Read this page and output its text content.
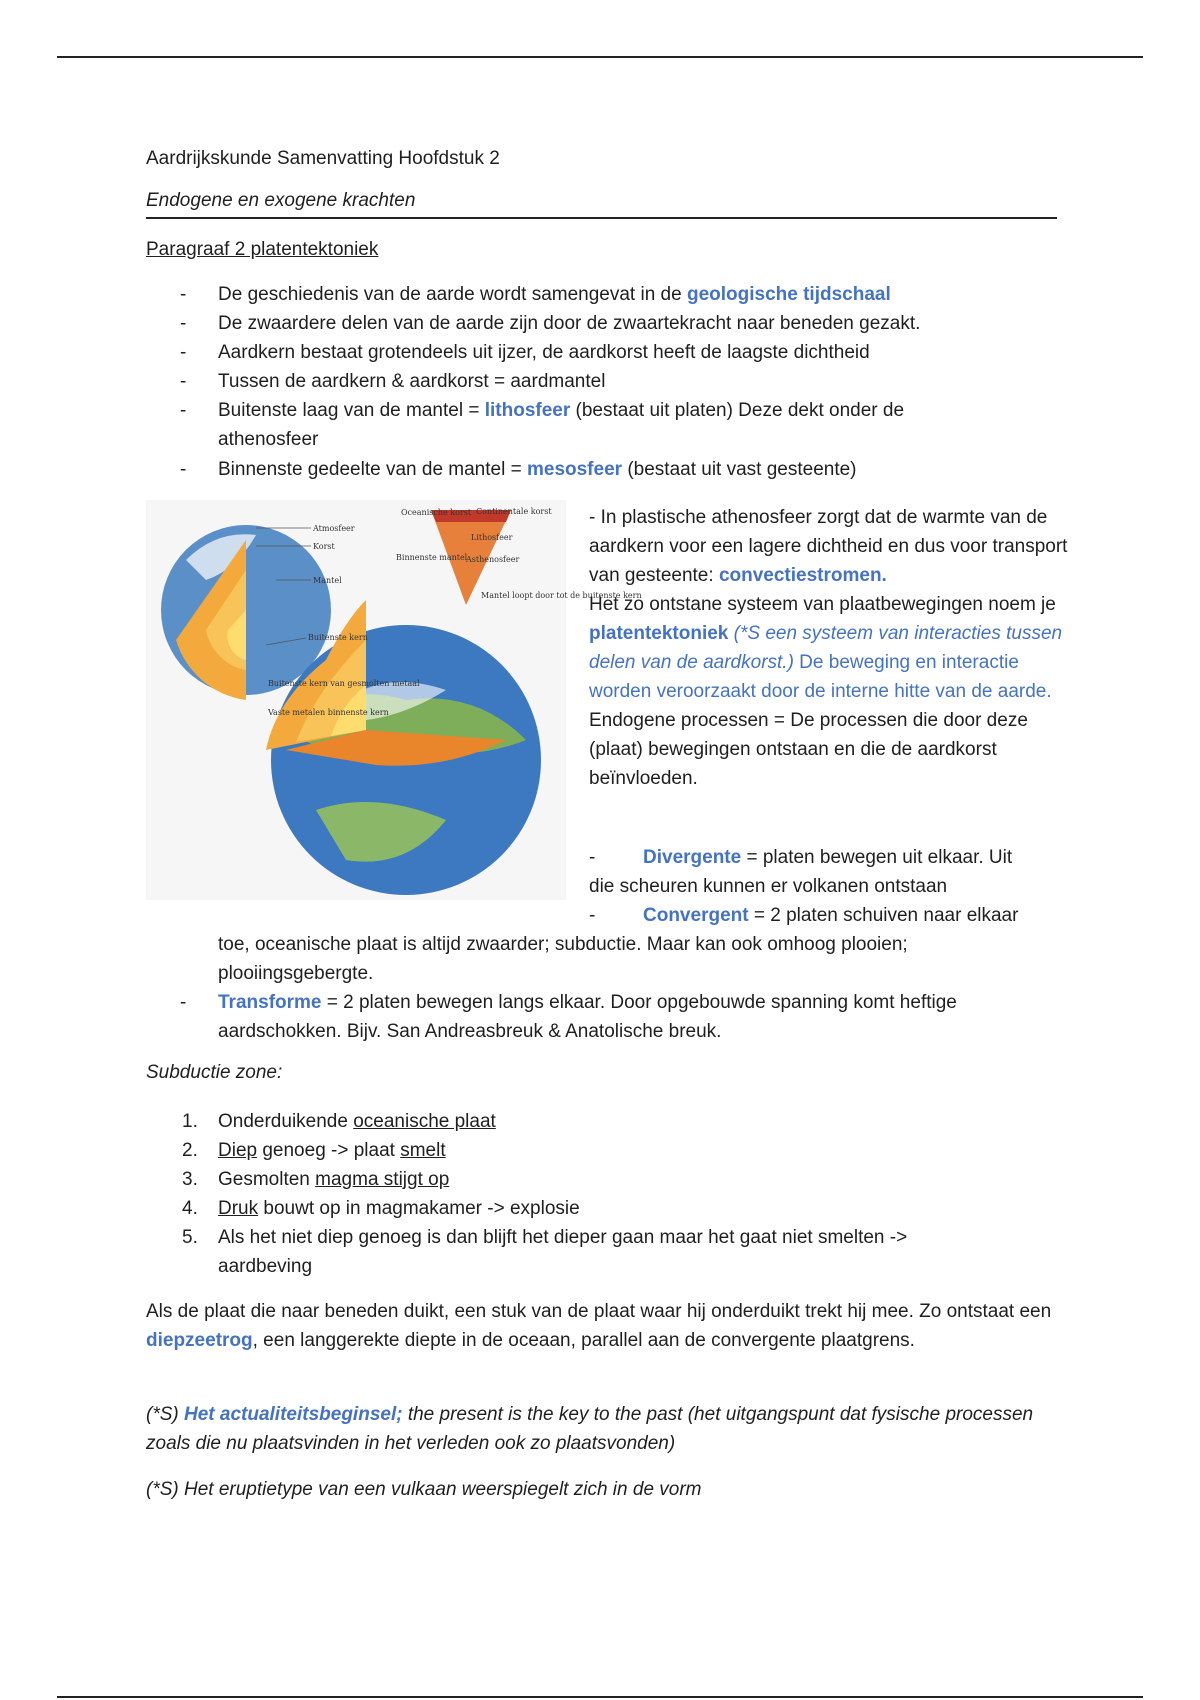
Aardrijkskunde Samenvatting Hoofdstuk 2
Endogene en exogene krachten
Paragraaf 2 platentektoniek
-	De geschiedenis van de aarde wordt samengevat in de geologische tijdschaal
-	De zwaardere delen van de aarde zijn door de zwaartekracht naar beneden gezakt.
-	Aardkern bestaat grotendeels uit ijzer, de aardkorst heeft de laagste dichtheid
-	Tussen de aardkern & aardkorst = aardmantel
-	Buitenste laag van de mantel = lithosfeer (bestaat uit platen) Deze dekt onder de athenosfeer
-	Binnenste gedeelte van de mantel = mesosfeer (bestaat uit vast gesteente)
Atmosfeer
Korst
Mantel
Buitenste kern
Buitenste kern van gesmolten metaal
Vaste metalen binnenste kern
Oceanische korst Continentale korst
Lithosfeer
Binnenste mantel
Asthenosfeer
Mantel loopt door tot de buitenste kern

- In plastische athenosfeer zorgt dat de warmte van de aardkern voor een lagere dichtheid en dus voor transport van gesteente: convectiestromen.

Het zo ontstane systeem van plaatbewegingen noem je platentektoniek (*S een systeem van interacties tussen delen van de aardkorst.) De beweging en interactie worden veroorzaakt door de interne hitte van de aarde.

Endogene processen = De processen die door deze (plaat) bewegingen ontstaan en die de aardkorst beïnvloeden.

-	Divergente = platen bewegen uit elkaar. Uit
die scheuren kunnen er volkanen ontstaan
-	Convergent = 2 platen schuiven naar elkaar
toe, oceanische plaat is altijd zwaarder; subductie. Maar kan ook omhoog plooien;
plooiingsgebergte.
-	Transforme = 2 platen bewegen langs elkaar. Door opgebouwde spanning komt heftige aardschokken. Bijv. San Andreasbreuk & Anatolische breuk.
Subductie zone:
1. Onderduikende oceanische plaat
2. Diep genoeg -> plaat smelt
3. Gesmolten magma stijgt op
4. Druk bouwt op in magmakamer -> explosie
5. Als het niet diep genoeg is dan blijft het dieper gaan maar het gaat niet smelten -> aardbeving
Als de plaat die naar beneden duikt, een stuk van de plaat waar hij onderduikt trekt hij mee. Zo ontstaat een diepzeetrog, een langgerekte diepte in de oceaan, parallel aan de convergente plaatgrens.
(*S) Het actualiteitsbeginsel; the present is the key to the past (het uitgangspunt dat fysische processen zoals die nu plaatsvinden in het verleden ook zo plaatsvonden)
(*S) Het eruptietype van een vulkaan weerspiegelt zich in de vorm
